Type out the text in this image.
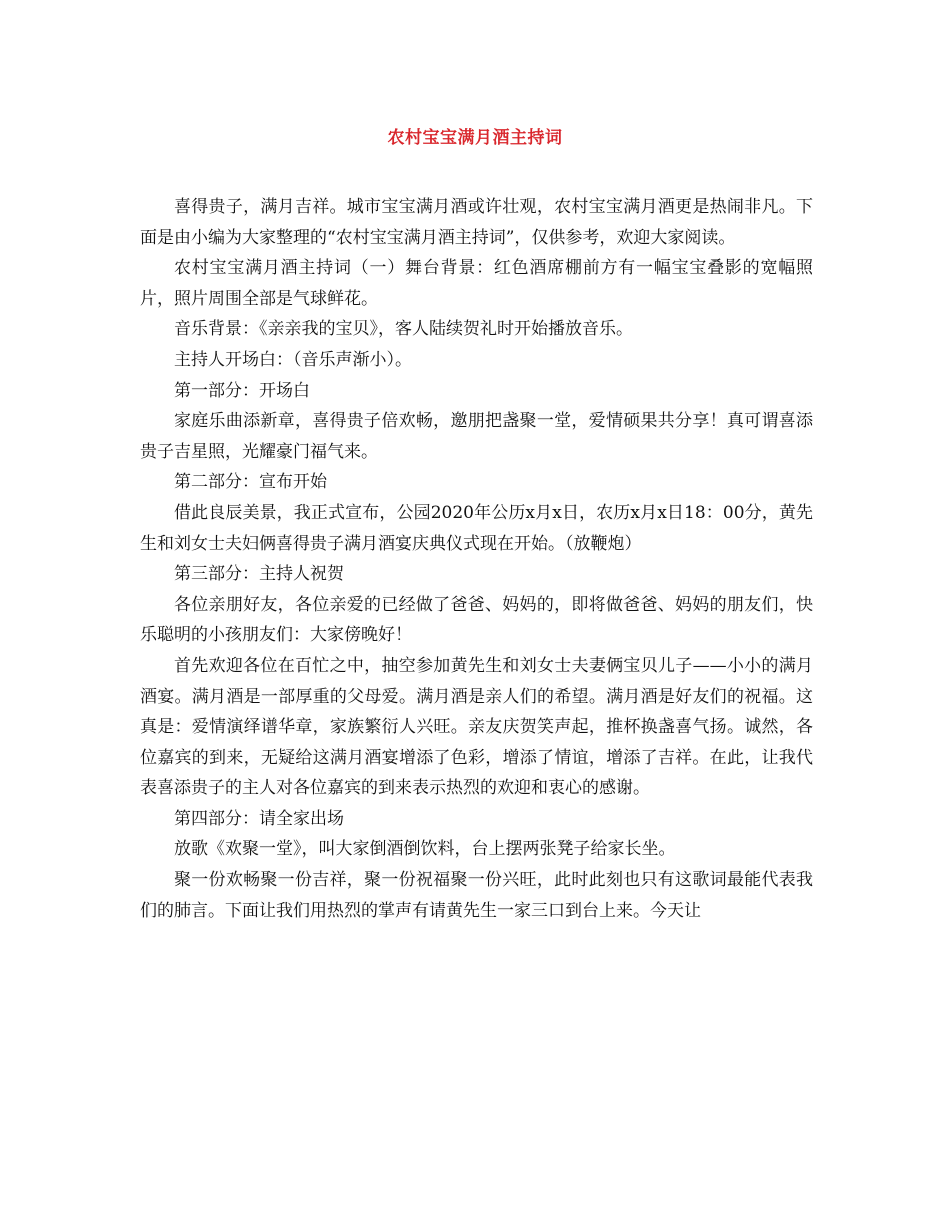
农村宝宝满月酒主持词

喜得贵子，满月吉祥。城市宝宝满月酒或许壮观，农村宝宝满月酒更是热闹非凡。下面是由小编为大家整理的“农村宝宝满月酒主持词”，仅供参考，欢迎大家阅读。

农村宝宝满月酒主持词（一）舞台背景：红色酒席棚前方有一幅宝宝叠影的宽幅照片，照片周围全部是气球鲜花。

音乐背景：《亲亲我的宝贝》，客人陆续贺礼时开始播放音乐。

主持人开场白：（音乐声渐小）。

第一部分：开场白

家庭乐曲添新章，喜得贵子倍欢畅，邀朋把盏聚一堂，爱情硕果共分享！真可谓喜添贵子吉星照，光耀豪门福气来。

第二部分：宣布开始

借此良辰美景，我正式宣布，公园2020年公历x月x日，农历x月x日18：00分，黄先生和刘女士夫妇俩喜得贵子满月酒宴庆典仪式现在开始。（放鞭炮）

第三部分：主持人祝贺

各位亲朋好友，各位亲爱的已经做了爸爸、妈妈的，即将做爸爸、妈妈的朋友们，快乐聪明的小孩朋友们：大家傍晚好！

首先欢迎各位在百忙之中，抽空参加黄先生和刘女士夫妻俩宝贝儿子——小小的满月酒宴。满月酒是一部厚重的父母爱。满月酒是亲人们的希望。满月酒是好友们的祝福。这真是：爱情演绎谱华章，家族繁衍人兴旺。亲友庆贺笑声起，推杯换盏喜气扬。诚然，各位嘉宾的到来，无疑给这满月酒宴增添了色彩，增添了情谊，增添了吉祥。在此，让我代表喜添贵子的主人对各位嘉宾的到来表示热烈的欢迎和衷心的感谢。

第四部分：请全家出场

放歌《欢聚一堂》，叫大家倒酒倒饮料，台上摆两张凳子给家长坐。

聚一份欢畅聚一份吉祥，聚一份祝福聚一份兴旺，此时此刻也只有这歌词最能代表我们的肺言。下面让我们用热烈的掌声有请黄先生一家三口到台上来。今天让
